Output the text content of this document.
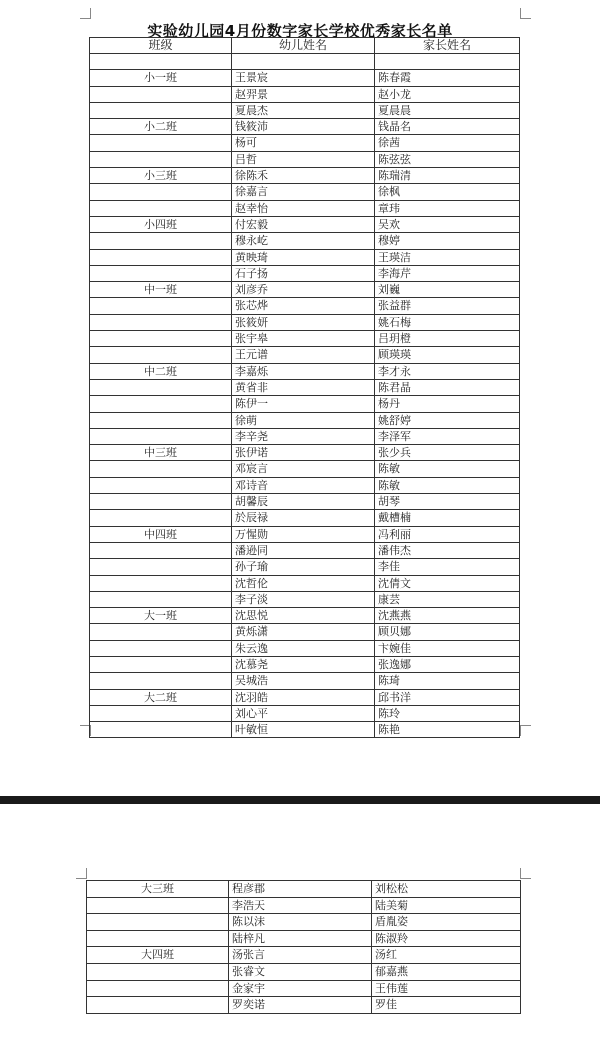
实验幼儿园4月份数字家长学校优秀家长名单
班级	幼儿姓名	家长姓名

小一班	王景宸	陈春霞
	赵羿景	赵小龙
	夏晨杰	夏晨晨
小二班	钱筱沛	钱晶名
	杨可	徐茜
	吕哲	陈弦弦
小三班	徐陈禾	陈瑞清
	徐嘉言	徐枫
	赵幸怡	章玮
小四班	付宏毅	吴欢
	穆永屹	穆婷
	黄映琦	王瑛洁
	石子扬	李海芹
中一班	刘彦乔	刘巍
	张芯烨	张益群
	张筱妍	姚石梅
	张宇皋	吕玥橙
	王元谱	顾瑛瑛
中二班	李嘉烁	李才永
	黄省非	陈君晶
	陈伊一	杨丹
	徐萌	姚舒婷
	李辛尧	李泽军
中三班	张伊诺	张少兵
	邓宸言	陈敏
	邓诗音	陈敏
	胡馨辰	胡琴
	於辰禄	戴槽楠
中四班	万惺勋	冯利丽
	潘逊同	潘伟杰
	孙子瑜	李佳
	沈哲伦	沈倩文
	李子淡	康芸
大一班	沈思悦	沈燕燕
	黄烁潇	顾贝娜
	朱云逸	卞婉佳
	沈慕尧	张逸娜
	吴城浩	陈琦
大二班	沈羽皓	邱书洋
	刘心平	陈玲
	叶敏恒	陈艳
大三班	程彦郡	刘松松
	李浩天	陆美菊
	陈以沫	盾胤姿
	陆梓凡	陈淑羚
大四班	汤张言	汤红
	张睿文	郁嘉燕
	金家宇	王伟莲
	罗奕诺	罗佳
